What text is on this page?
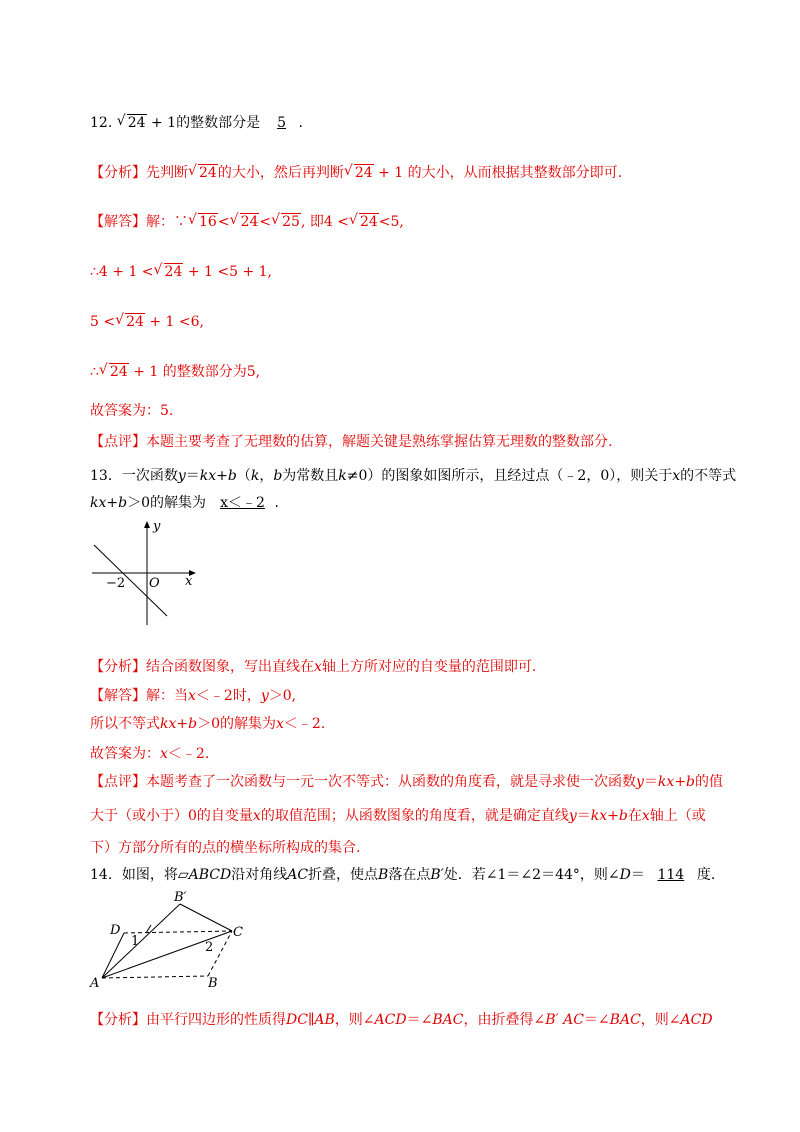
12. √ 24 + 1的整数部分是 5 .
【分析】先判断 √ 24的大小，然后再判断 √ 24 + 1 的大小，从而根据其整数部分即可.
【解答】解：∵ √ 16< √ 24< √ 25, 即4 < √ 24<5,
∴4 + 1 < √ 24 + 1 <5 + 1,
5 < √ 24 + 1 <6,
∴ √ 24 + 1 的整数部分为5,
故答案为：5.
【点评】本题主要考查了无理数的估算，解题关键是熟练掌握估算无理数的整数部分.
13．一次函数y＝kx+b（k，b为常数且k≠0）的图象如图所示，且经过点（﹣2，0），则关于x的不等式
kx+b＞0的解集为 x＜﹣2 .
y
x
O
−2
【分析】结合函数图象，写出直线在x轴上方所对应的自变量的范围即可.
【解答】解：当x＜﹣2时，y＞0,
所以不等式kx+b＞0的解集为x＜﹣2.
故答案为：x＜﹣2.
【点评】本题考查了一次函数与一元一次不等式：从函数的角度看，就是寻求使一次函数y＝kx+b的值
大于（或小于）0的自变量x的取值范围；从函数图象的角度看，就是确定直线y＝kx+b在x轴上（或
下）方部分所有的点的横坐标所构成的集合.
14．如图，将▱ABCD沿对角线AC折叠，使点B落在点B′处．若∠1＝∠2＝44°，则∠D＝ 114 度.
B′
D	C
A	B
1	2
【分析】由平行四边形的性质得DC∥AB，则∠ACD＝∠BAC，由折叠得∠B′ AC＝∠BAC，则∠ACD
